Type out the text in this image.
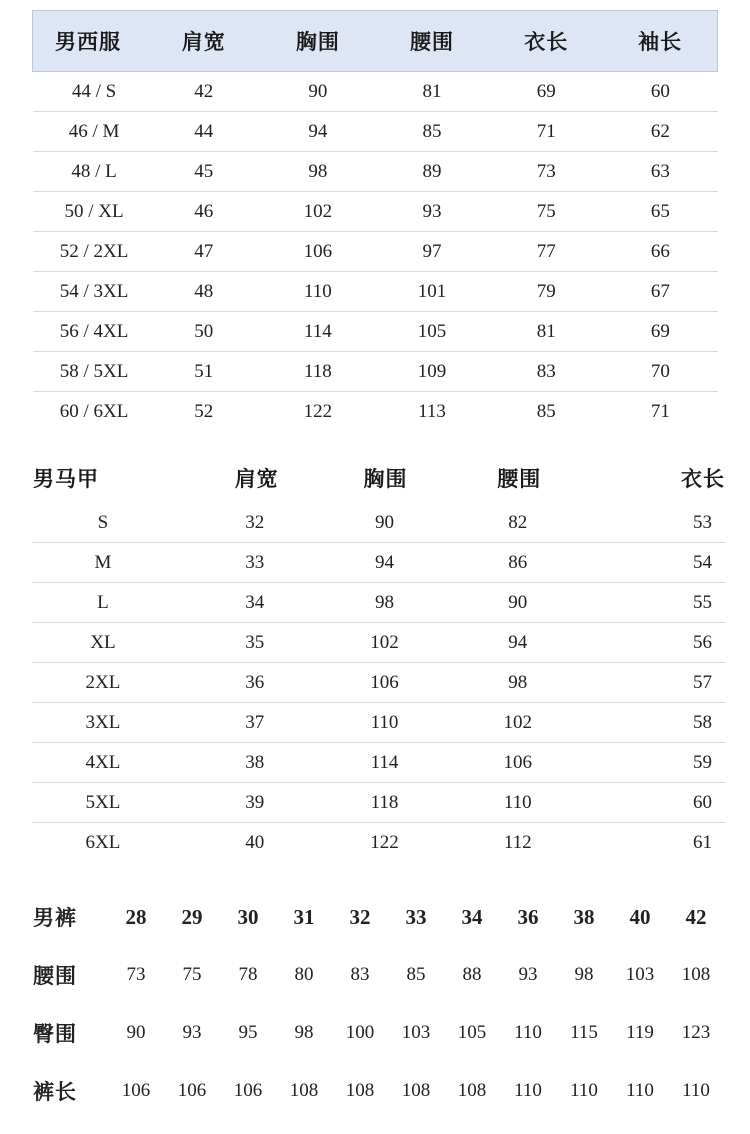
男西服	肩宽	胸围	腰围	衣长	袖长
44 / S	42	90	81	69	60
46 / M	44	94	85	71	62
48 / L	45	98	89	73	63
50 / XL	46	102	93	75	65
52 / 2XL	47	106	97	77	66
54 / 3XL	48	110	101	79	67
56 / 4XL	50	114	105	81	69
58 / 5XL	51	118	109	83	70
60 / 6XL	52	122	113	85	71
男马甲	肩宽	胸围	腰围	衣长
S	32	90	82	53
M	33	94	86	54
L	34	98	90	55
XL	35	102	94	56
2XL	36	106	98	57
3XL	37	110	102	58
4XL	38	114	106	59
5XL	39	118	110	60
6XL	40	122	112	61
男裤	28	29	30	31	32	33	34	36	38	40	42
腰围	73	75	78	80	83	85	88	93	98	103	108
臀围	90	93	95	98	100	103	105	110	115	119	123
裤长	106	106	106	108	108	108	108	110	110	110	110
